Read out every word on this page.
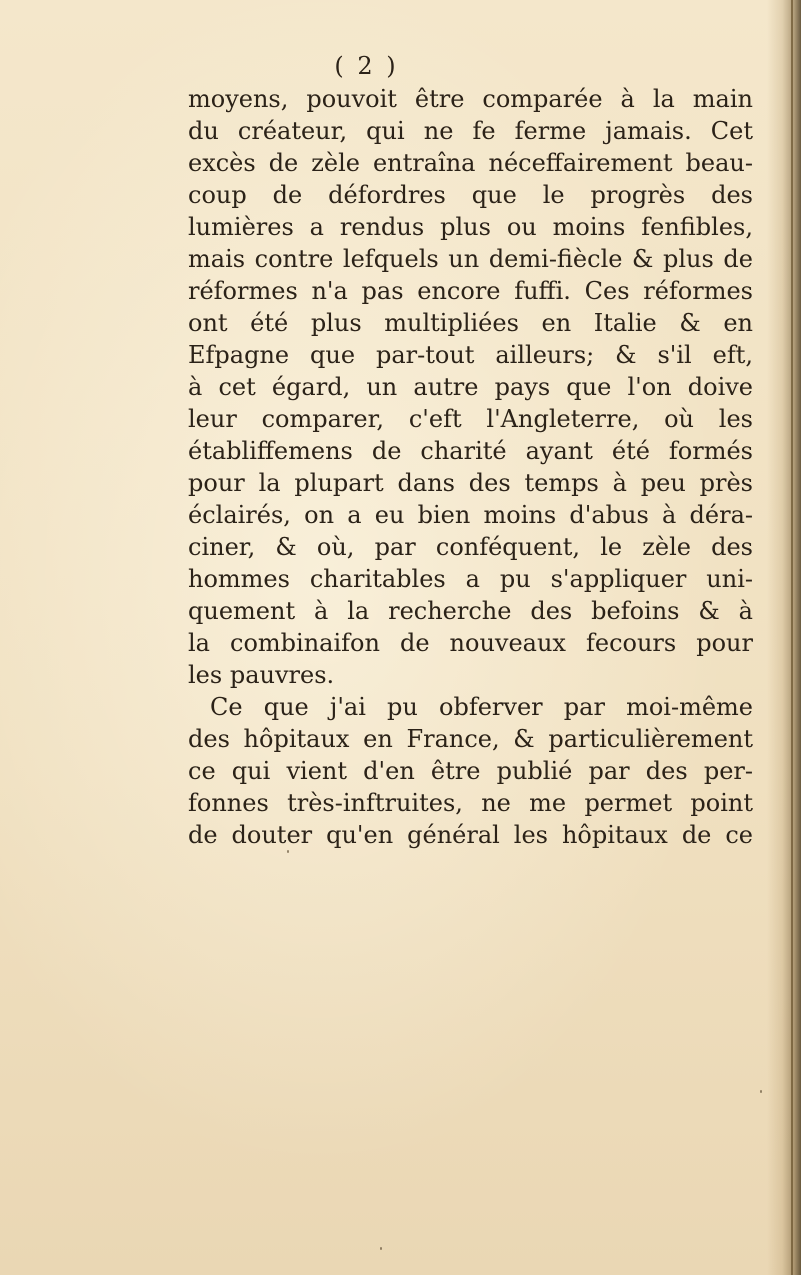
( 2 )
moyens, pouvoit être comparée à la main
du créateur, qui ne fe ferme jamais. Cet
excès de zèle entraîna néceffairement beau-
coup de défordres que le progrès des
lumières a rendus plus ou moins fenfibles,
mais contre lefquels un demi-fiècle & plus de
réformes n'a pas encore fuffi. Ces réformes
ont été plus multipliées en Italie & en
Efpagne que par-tout ailleurs; & s'il eft,
à cet égard, un autre pays que l'on doive
leur comparer, c'eft l'Angleterre, où les
établiffemens de charité ayant été formés
pour la plupart dans des temps à peu près
éclairés, on a eu bien moins d'abus à déra-
ciner, & où, par conféquent, le zèle des
hommes charitables a pu s'appliquer uni-
quement à la recherche des befoins & à
la combinaifon de nouveaux fecours pour
les pauvres.
Ce que j'ai pu obferver par moi-même
des hôpitaux en France, & particulièrement
ce qui vient d'en être publié par des per-
fonnes très-inftruites, ne me permet point
de douter qu'en général les hôpitaux de ce
